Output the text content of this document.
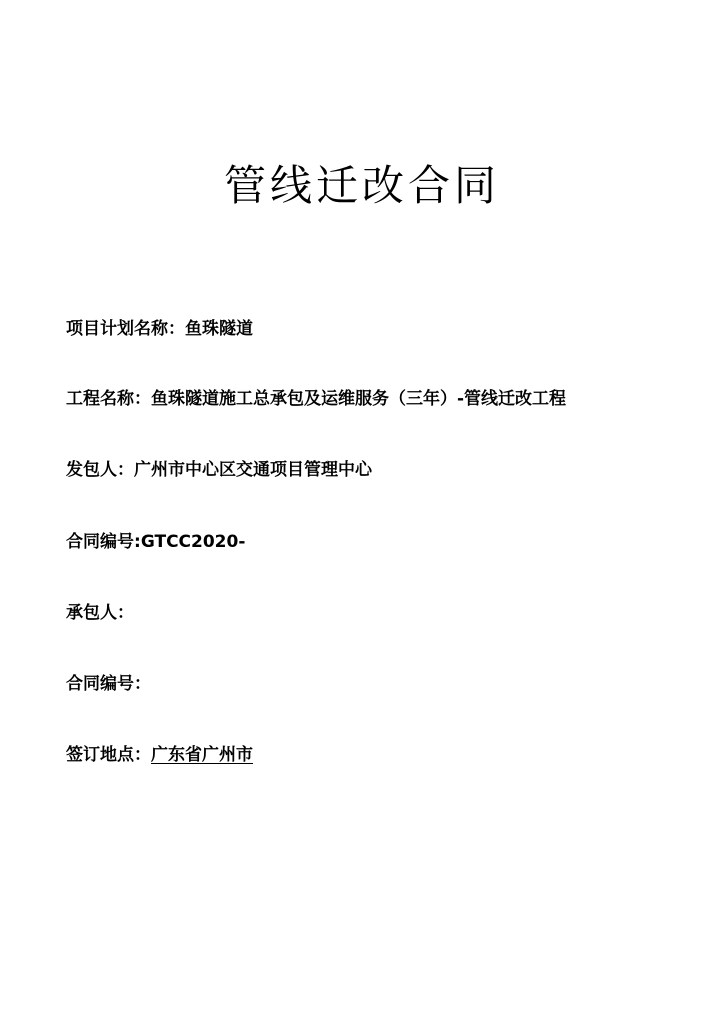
管线迁改合同
项目计划名称：鱼珠隧道
工程名称：鱼珠隧道施工总承包及运维服务（三年）-管线迁改工程
发包人：广州市中心区交通项目管理中心
合同编号:GTCC2020-
承包人：
合同编号：
签订地点：广东省广州市
